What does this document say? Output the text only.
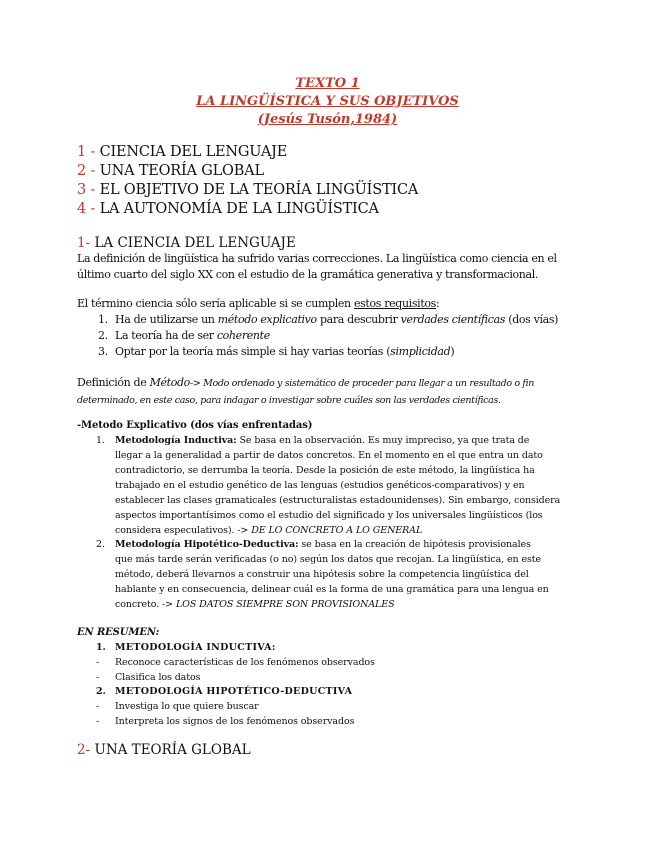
TEXTO 1
LA LINGÜÍSTICA Y SUS OBJETIVOS
(Jesús Tusón,1984)
1 - CIENCIA DEL LENGUAJE
2 - UNA TEORÍA GLOBAL
3 - EL OBJETIVO DE LA TEORÍA LINGÜÍSTICA
4 - LA AUTONOMÍA DE LA LINGÜÍSTICA
1- LA CIENCIA DEL LENGUAJE
La definición de lingüística ha sufrido varias correcciones. La lingüística como ciencia en el último cuarto del siglo XX con el estudio de la gramática generativa y transformacional.
El término ciencia sólo sería aplicable si se cumplen estos requisitos:
1. Ha de utilizarse un método explicativo para descubrir verdades científicas (dos vías)
2. La teoría ha de ser coherente
3. Optar por la teoría más simple si hay varias teorías (simplicidad)
Definición de Método-> Modo ordenado y sistemático de proceder para llegar a un resultado o fin determinado, en este caso, para indagar o investigar sobre cuáles son las verdades científicas.
-Metodo Explicativo (dos vías enfrentadas)
1. Metodología Inductiva: Se basa en la observación. Es muy impreciso, ya que trata de
llegar a la generalidad a partir de datos concretos. En el momento en el que entra un dato
contradictorio, se derrumba la teoría. Desde la posición de este método, la lingüística ha
trabajado en el estudio genético de las lenguas (estudios genéticos-comparativos) y en
establecer las clases gramaticales (estructuralistas estadounidenses). Sin embargo, considera
aspectos importantísimos como el estudio del significado y los universales lingüísticos (los
considera especulativos). -> DE LO CONCRETO A LO GENERAL
2. Metodología Hipotético-Deductiva: se basa en la creación de hipótesis provisionales
que más tarde serán verificadas (o no) según los datos que recojan. La lingüística, en este
método, deberá llevarnos a construir una hipótesis sobre la competencia lingüística del
hablante y en consecuencia, delinear cuál es la forma de una gramática para una lengua en
concreto. -> LOS DATOS SIEMPRE SON PROVISIONALES
EN RESUMEN:
1. METODOLOGÍA INDUCTIVA:
- Reconoce características de los fenómenos observados
- Clasifica los datos
2. METODOLOGÍA HIPOTÉTICO-DEDUCTIVA
- Investiga lo que quiere buscar
- Interpreta los signos de los fenómenos observados
2- UNA TEORÍA GLOBAL
